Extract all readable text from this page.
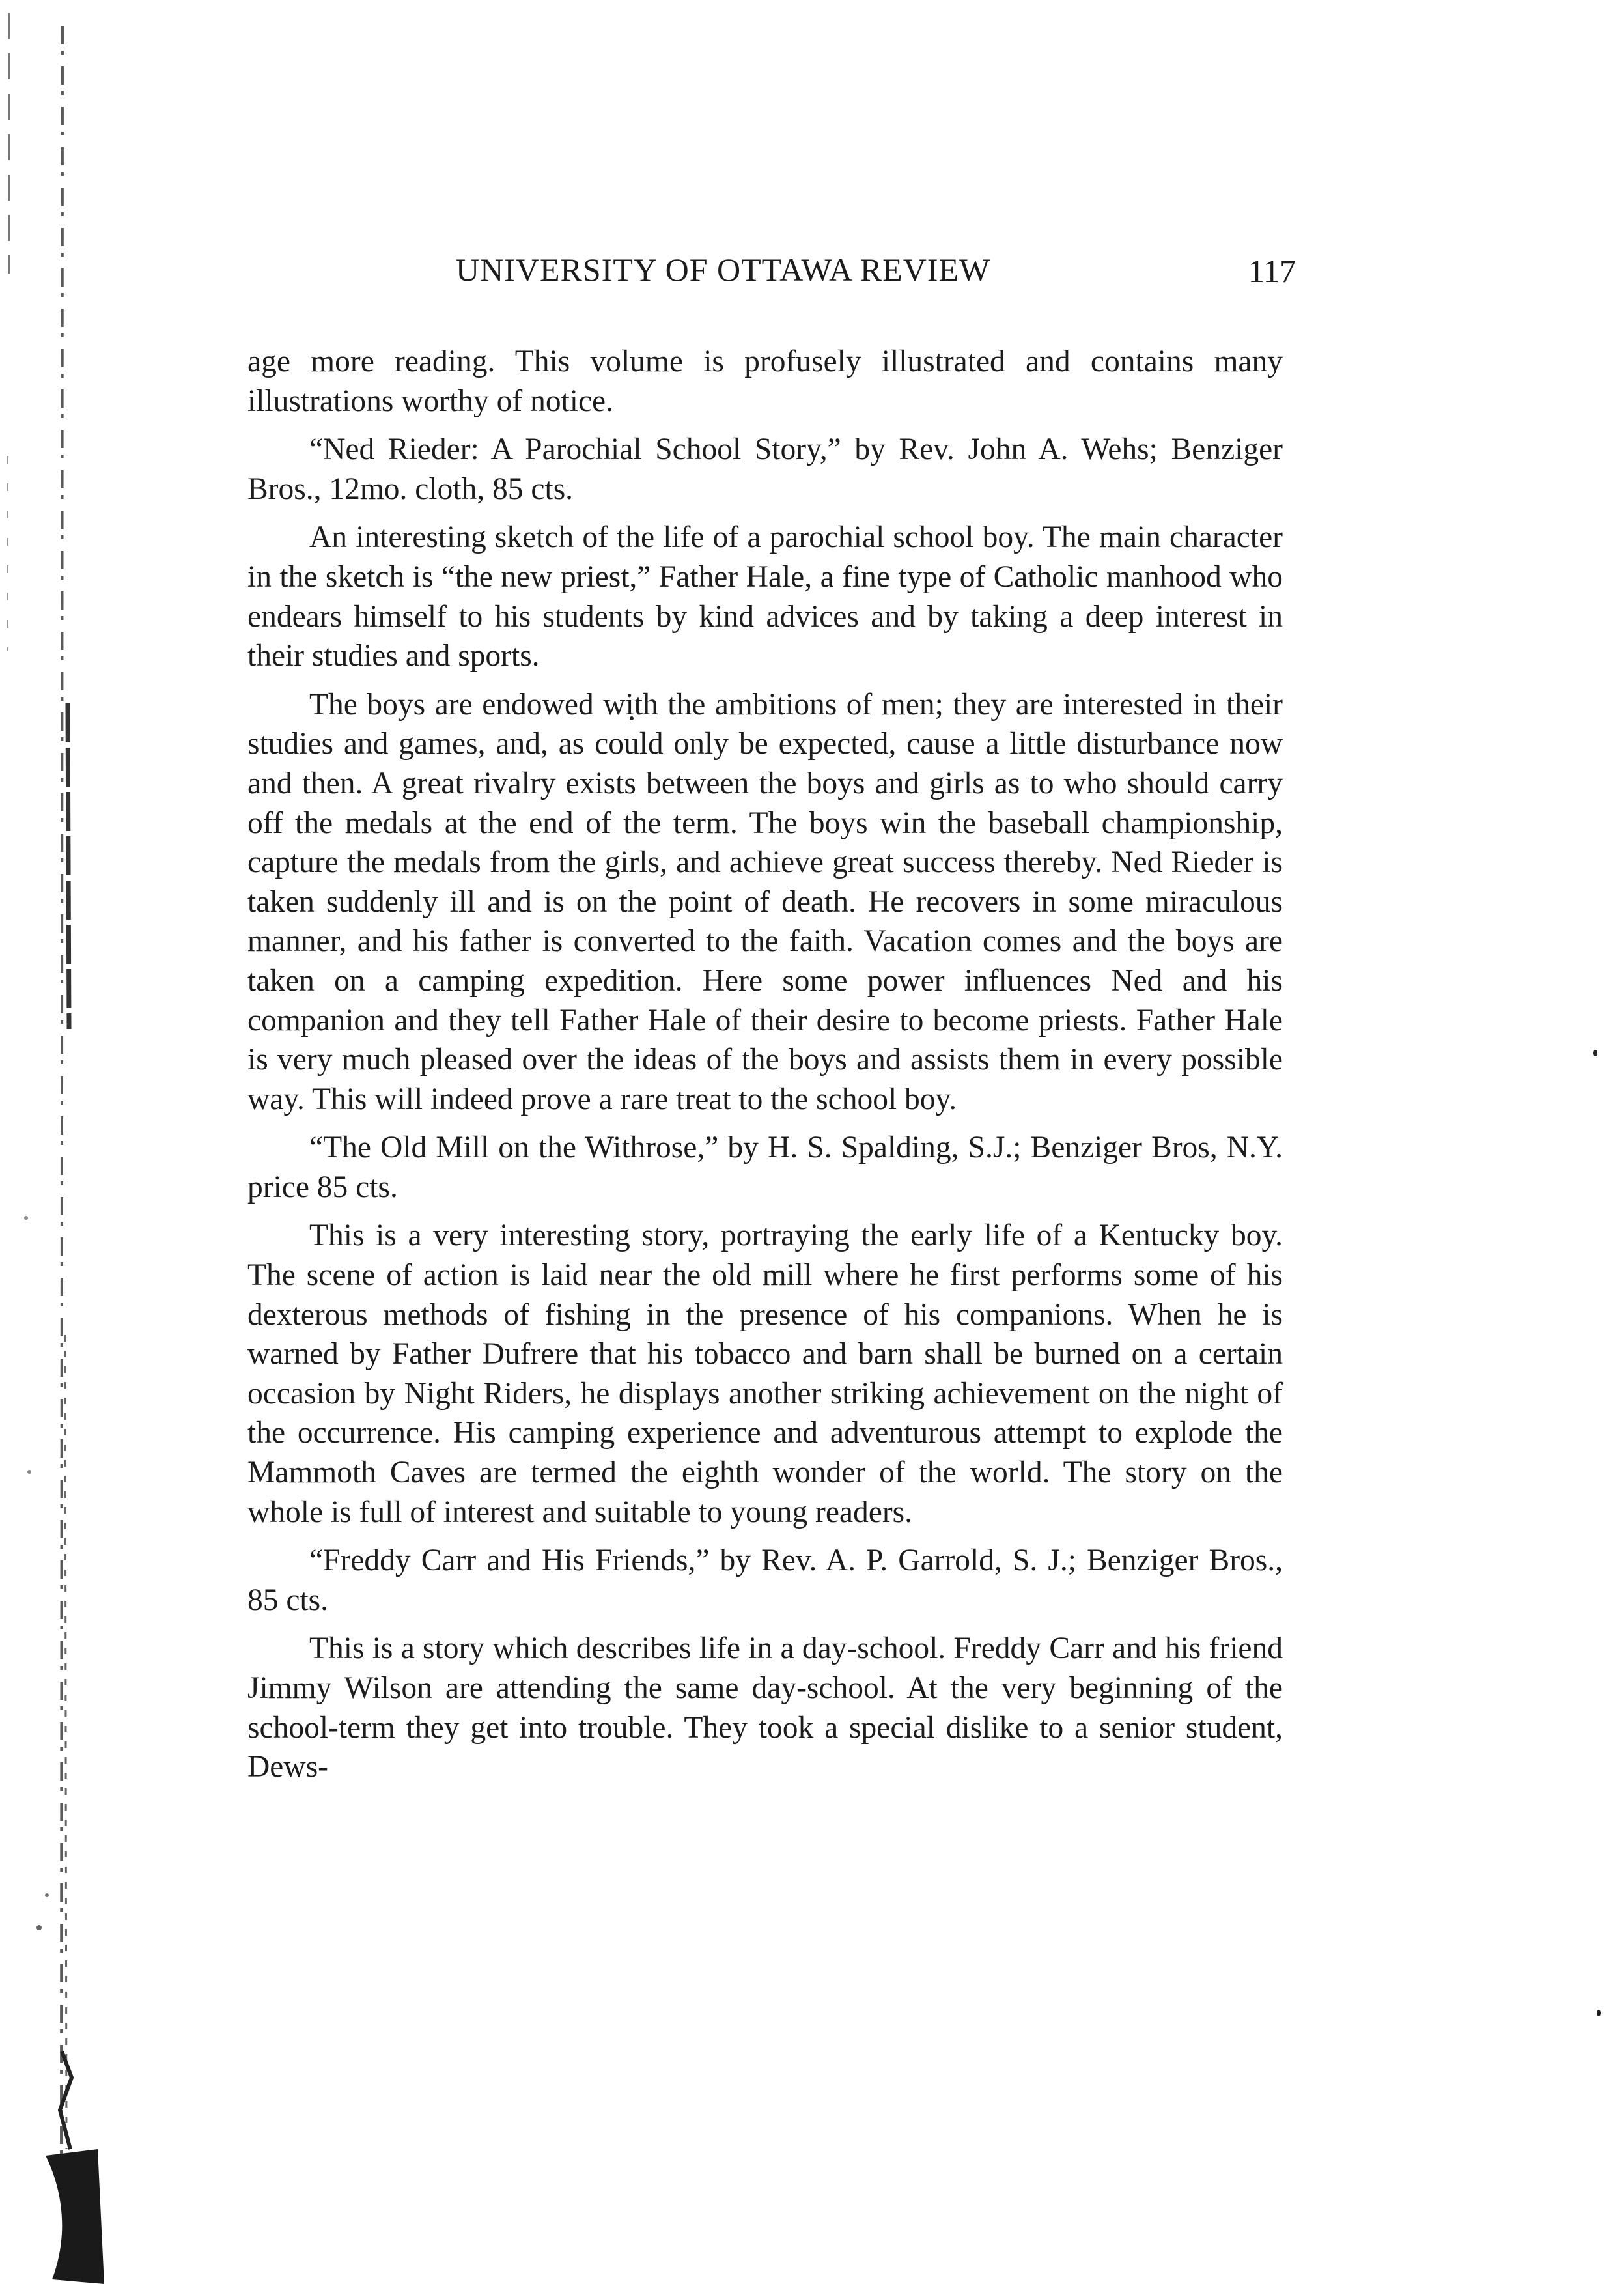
UNIVERSITY OF OTTAWA REVIEW	117

age more reading. This volume is profusely illustrated and contains many illustrations worthy of notice.

“Ned Rieder: A Parochial School Story,” by Rev. John A. Wehs; Benziger Bros., 12mo. cloth, 85 cts.

An interesting sketch of the life of a parochial school boy. The main character in the sketch is “the new priest,” Father Hale, a fine type of Catholic manhood who endears himself to his students by kind advices and by taking a deep interest in their studies and sports.

The boys are endowed with the ambitions of men; they are interested in their studies and games, and, as could only be expected, cause a little disturbance now and then. A great rivalry exists between the boys and girls as to who should carry off the medals at the end of the term. The boys win the baseball championship, capture the medals from the girls, and achieve great success thereby. Ned Rieder is taken suddenly ill and is on the point of death. He recovers in some miraculous manner, and his father is converted to the faith. Vacation comes and the boys are taken on a camping expedition. Here some power influences Ned and his companion and they tell Father Hale of their desire to become priests. Father Hale is very much pleased over the ideas of the boys and assists them in every possible way. This will indeed prove a rare treat to the school boy.

“The Old Mill on the Withrose,” by H. S. Spalding, S.J.; Benziger Bros, N.Y. price 85 cts.

This is a very interesting story, portraying the early life of a Kentucky boy. The scene of action is laid near the old mill where he first performs some of his dexterous methods of fishing in the presence of his companions. When he is warned by Father Dufrere that his tobacco and barn shall be burned on a certain occasion by Night Riders, he displays another striking achievement on the night of the occurrence. His camping experience and adventurous attempt to explode the Mammoth Caves are termed the eighth wonder of the world. The story on the whole is full of interest and suitable to young readers.

“Freddy Carr and His Friends,” by Rev. A. P. Garrold, S. J.; Benziger Bros., 85 cts.

This is a story which describes life in a day-school. Freddy Carr and his friend Jimmy Wilson are attending the same day-school. At the very beginning of the school-term they get into trouble. They took a special dislike to a senior student, Dews-
